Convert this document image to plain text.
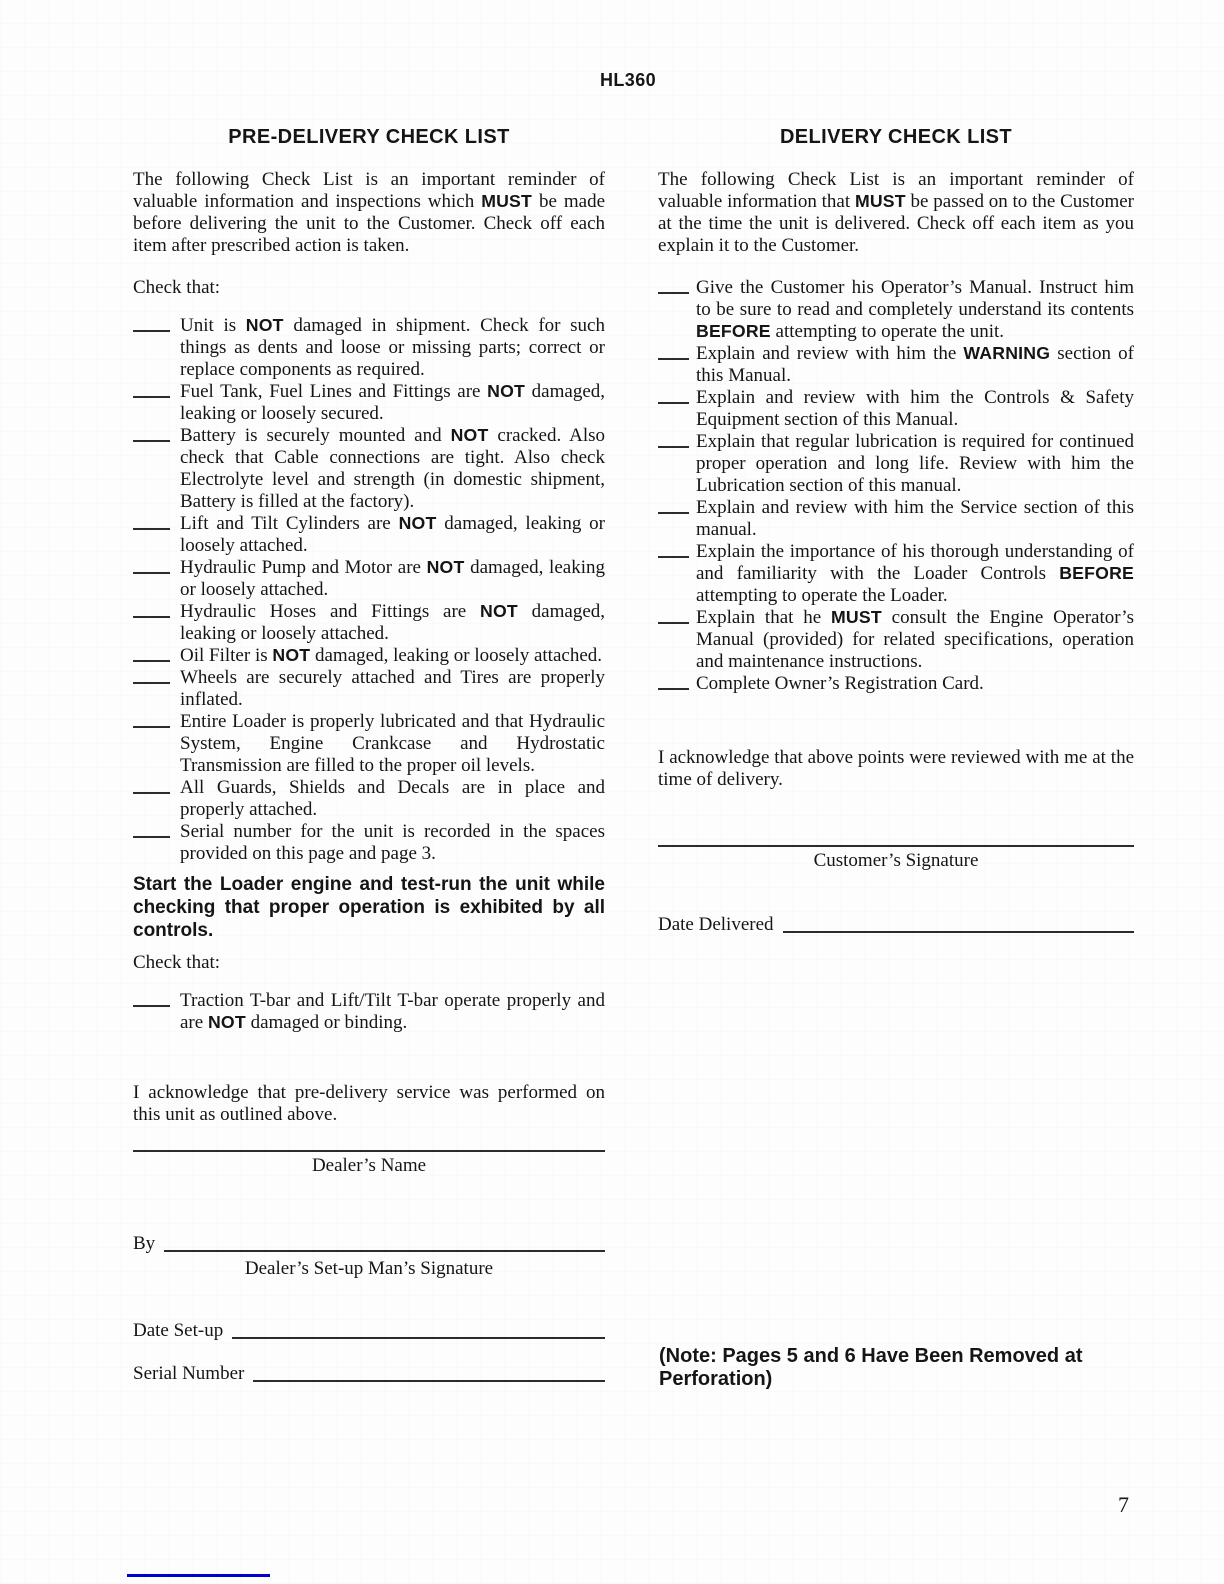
HL360
PRE-DELIVERY CHECK LIST

The following Check List is an important reminder of valuable information and inspections which MUST be made before delivering the unit to the Customer. Check off each item after prescribed action is taken.

Check that:

Unit is NOT damaged in shipment. Check for such things as dents and loose or missing parts; correct or replace components as required.
Fuel Tank, Fuel Lines and Fittings are NOT damaged, leaking or loosely secured.
Battery is securely mounted and NOT cracked. Also check that Cable connections are tight. Also check Electrolyte level and strength (in domestic shipment, Battery is filled at the factory).
Lift and Tilt Cylinders are NOT damaged, leaking or loosely attached.
Hydraulic Pump and Motor are NOT damaged, leaking or loosely attached.
Hydraulic Hoses and Fittings are NOT damaged, leaking or loosely attached.
Oil Filter is NOT damaged, leaking or loosely attached.
Wheels are securely attached and Tires are properly inflated.
Entire Loader is properly lubricated and that Hydraulic System, Engine Crankcase and Hydrostatic Transmission are filled to the proper oil levels.
All Guards, Shields and Decals are in place and properly attached.
Serial number for the unit is recorded in the spaces provided on this page and page 3.

Start the Loader engine and test-run the unit while checking that proper operation is exhibited by all controls.

Check that:

Traction T-bar and Lift/Tilt T-bar operate properly and are NOT damaged or binding.

I acknowledge that pre-delivery service was performed on this unit as outlined above.

Dealer’s Name

By

Dealer’s Set-up Man’s Signature

Date Set-up
Serial Number
DELIVERY CHECK LIST

The following Check List is an important reminder of valuable information that MUST be passed on to the Customer at the time the unit is delivered. Check off each item as you explain it to the Customer.

Give the Customer his Operator’s Manual. Instruct him to be sure to read and completely understand its contents BEFORE attempting to operate the unit.
Explain and review with him the WARNING section of this Manual.
Explain and review with him the Controls & Safety Equipment section of this Manual.
Explain that regular lubrication is required for continued proper operation and long life. Review with him the Lubrication section of this manual.
Explain and review with him the Service section of this manual.
Explain the importance of his thorough understanding of and familiarity with the Loader Controls BEFORE attempting to operate the Loader.
Explain that he MUST consult the Engine Operator’s Manual (provided) for related specifications, operation and maintenance instructions.
Complete Owner’s Registration Card.

I acknowledge that above points were reviewed with me at the time of delivery.

Customer’s Signature

Date Delivered
(Note: Pages 5 and 6 Have Been Removed at Perforation)
7
